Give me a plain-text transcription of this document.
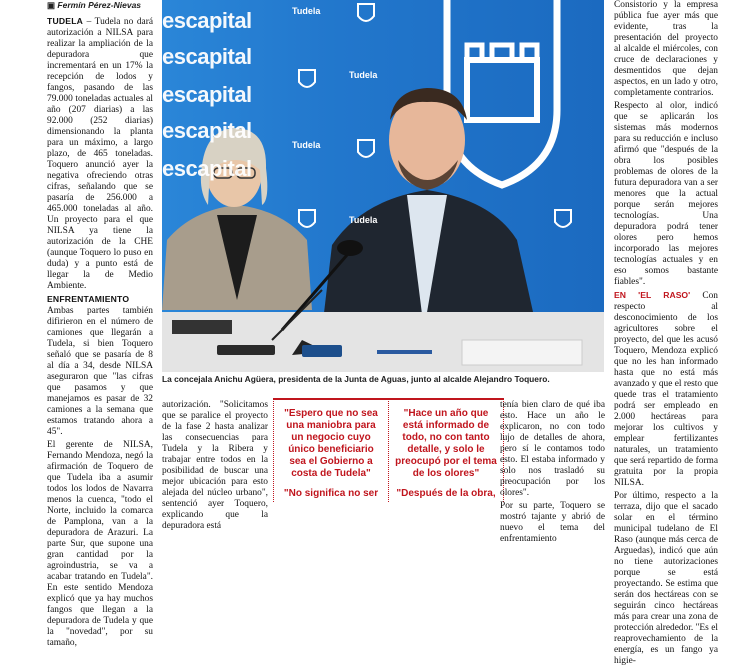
▣ Fermín Pérez-Nievas

TUDELA – Tudela no dará autorización a NILSA para realizar la ampliación de la depuradora que incrementará en un 17% la recepción de lodos y fangos, pasando de las 79.000 toneladas actuales al año (207 diarias) a las 92.000 (252 diarias) dimensionando la planta para un máximo, a largo plazo, de 465 toneladas. Toquero anunció ayer la negativa ofreciendo otras cifras, señalando que se pasaría de 256.000 a 465.000 toneladas al año. Un proyecto para el que NILSA ya tiene la autorización de la CHE (aunque Toquero lo puso en duda) y a punto está de llegar la de Medio Ambiente.

ENFRENTAMIENTO Ambas partes también difirieron en el número de camiones que llegarán a Tudela, si bien Toquero señaló que se pasaría de 8 al día a 34, desde NILSA aseguraron que "las cifras que pasamos y que manejamos es pasar de 32 camiones a la semana que estamos tratando ahora a 45".

El gerente de NILSA, Fernando Mendoza, negó la afirmación de Toquero de que Tudela iba a asumir todos los lodos de Navarra menos la cuenca, "todo el Norte, incluido la comarca de Pamplona, van a la depuradora de Arazuri. La parte Sur, que supone una gran cantidad por la agroindustria, se va a acabar tratando en Tudela". En este sentido Mendoza explicó que ya hay muchos fangos que llegan a la depuradora de Tudela y que la "novedad", por su tamaño,

escapital
escapital
escapital
escapital
escapital
Tudela
Tudela
Tudela
Tudela
La concejala Anichu Agüera, presidenta de la Junta de Aguas, junto al alcalde Alejandro Toquero.

autorización. "Solicitamos que se paralice el proyecto de la fase 2 hasta analizar las consecuencias para Tudela y la Ribera y trabajar entre todos en la posibilidad de buscar una mejor ubicación para esto alejada del núcleo urbano", sentenció ayer Toquero, explicando que la depuradora está

"Espero que no sea una maniobra para un negocio cuyo único beneficiario sea el Gobierno a costa de Tudela"
"No significa no ser
"Hace un año que está informado de todo, no con tanto detalle, y solo le preocupó por el tema de los olores"
"Después de la obra,

tenía bien claro de qué iba esto. Hace un año le explicaron, no con todo lujo de detalles de ahora, pero sí le contamos todo esto. El estaba informado y solo nos trasladó su preocupación por los olores".

Por su parte, Toquero se mostró tajante y abrió de nuevo el tema del enfrentamiento

Consistorio y la empresa pública fue ayer más que evidente, tras la presentación del proyecto al alcalde el miércoles, con cruce de declaraciones y desmentidos que dejan aspectos, en un lado y otro, completamente contrarios.

Respecto al olor, indicó que se aplicarán los sistemas más modernos para su reducción e incluso afirmó que "después de la obra los posibles problemas de olores de la futura depuradora van a ser menores que la actual porque serán mejores tecnologías. Una depuradora podrá tener olores pero hemos incorporado las mejores tecnologías actuales y en eso somos bastante fiables".

EN 'EL RASO' Con respecto al desconocimiento de los agricultores sobre el proyecto, del que les acusó Toquero, Mendoza explicó que no les han informado hasta que no está más avanzado y que el resto que quede tras el tratamiento podrá ser empleado en 2.000 hectáreas para mejorar los cultivos y emplear fertilizantes naturales, un tratamiento que será repartido de forma gratuita por la propia NILSA.

Por último, respecto a la terraza, dijo que el sacado solar en el término municipal tudelano de El Raso (aunque más cerca de Arguedas), indicó que aún no tiene autorizaciones porque se está proyectando. Se estima que serán dos hectáreas con se seguirán cinco hectáreas más para crear una zona de protección alrededor. "Es el reaprovechamiento de la energía, es un fango ya higie-
